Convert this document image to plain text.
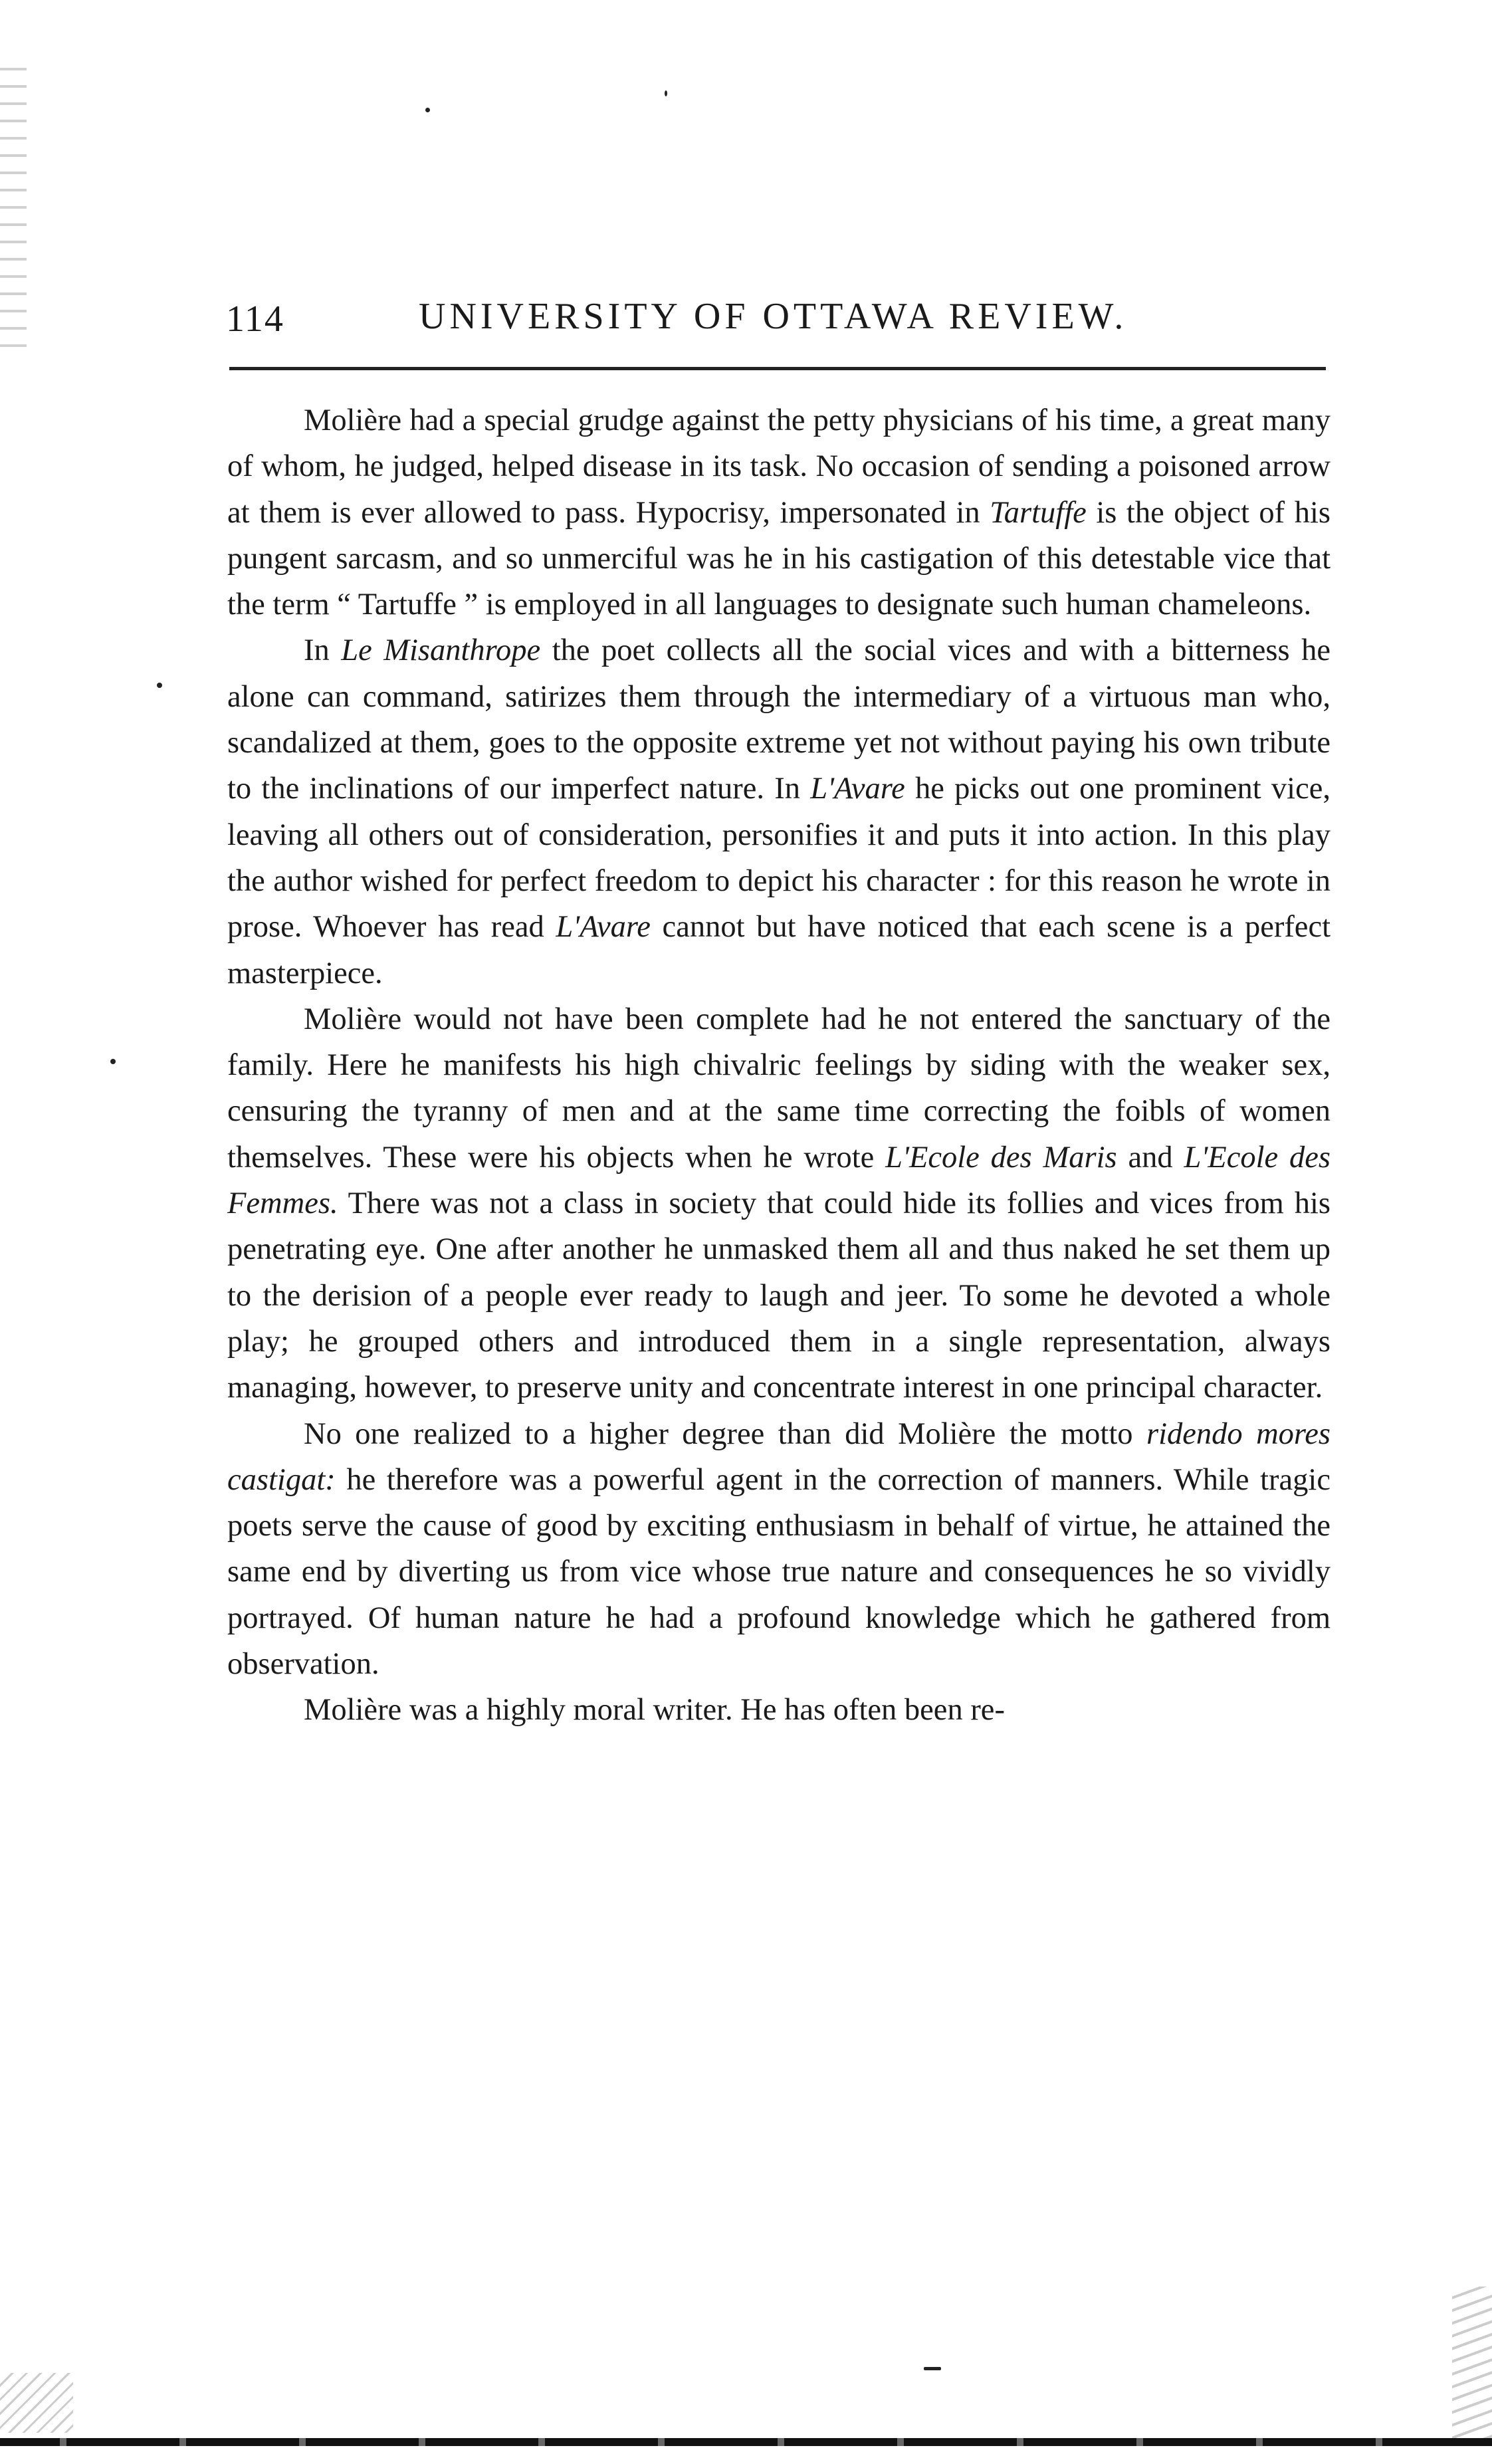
114	UNIVERSITY OF OTTAWA REVIEW.

Molière had a special grudge against the petty physicians of his time, a great many of whom, he judged, helped disease in its task. No occasion of sending a poisoned arrow at them is ever allowed to pass. Hypocrisy, impersonated in Tartuffe is the object of his pungent sarcasm, and so unmerciful was he in his castigation of this detestable vice that the term “ Tartuffe ” is employed in all languages to designate such human chameleons.

In Le Misanthrope the poet collects all the social vices and with a bitterness he alone can command, satirizes them through the intermediary of a virtuous man who, scandalized at them, goes to the opposite extreme yet not without paying his own tribute to the inclinations of our imperfect nature. In L'Avare he picks out one prominent vice, leaving all others out of consideration, personifies it and puts it into action. In this play the author wished for perfect freedom to depict his character : for this reason he wrote in prose. Whoever has read L'Avare cannot but have noticed that each scene is a perfect masterpiece.

Molière would not have been complete had he not entered the sanctuary of the family. Here he manifests his high chivalric feelings by siding with the weaker sex, censuring the tyranny of men and at the same time correcting the foibls of women themselves. These were his objects when he wrote L'Ecole des Maris and L'Ecole des Femmes. There was not a class in society that could hide its follies and vices from his penetrating eye. One after another he unmasked them all and thus naked he set them up to the derision of a people ever ready to laugh and jeer. To some he devoted a whole play; he grouped others and introduced them in a single representation, always managing, however, to preserve unity and concentrate interest in one principal character.

No one realized to a higher degree than did Molière the motto ridendo mores castigat: he therefore was a powerful agent in the correction of manners. While tragic poets serve the cause of good by exciting enthusiasm in behalf of virtue, he attained the same end by diverting us from vice whose true nature and consequences he so vividly portrayed. Of human nature he had a profound knowledge which he gathered from observation.

Molière was a highly moral writer. He has often been re-
